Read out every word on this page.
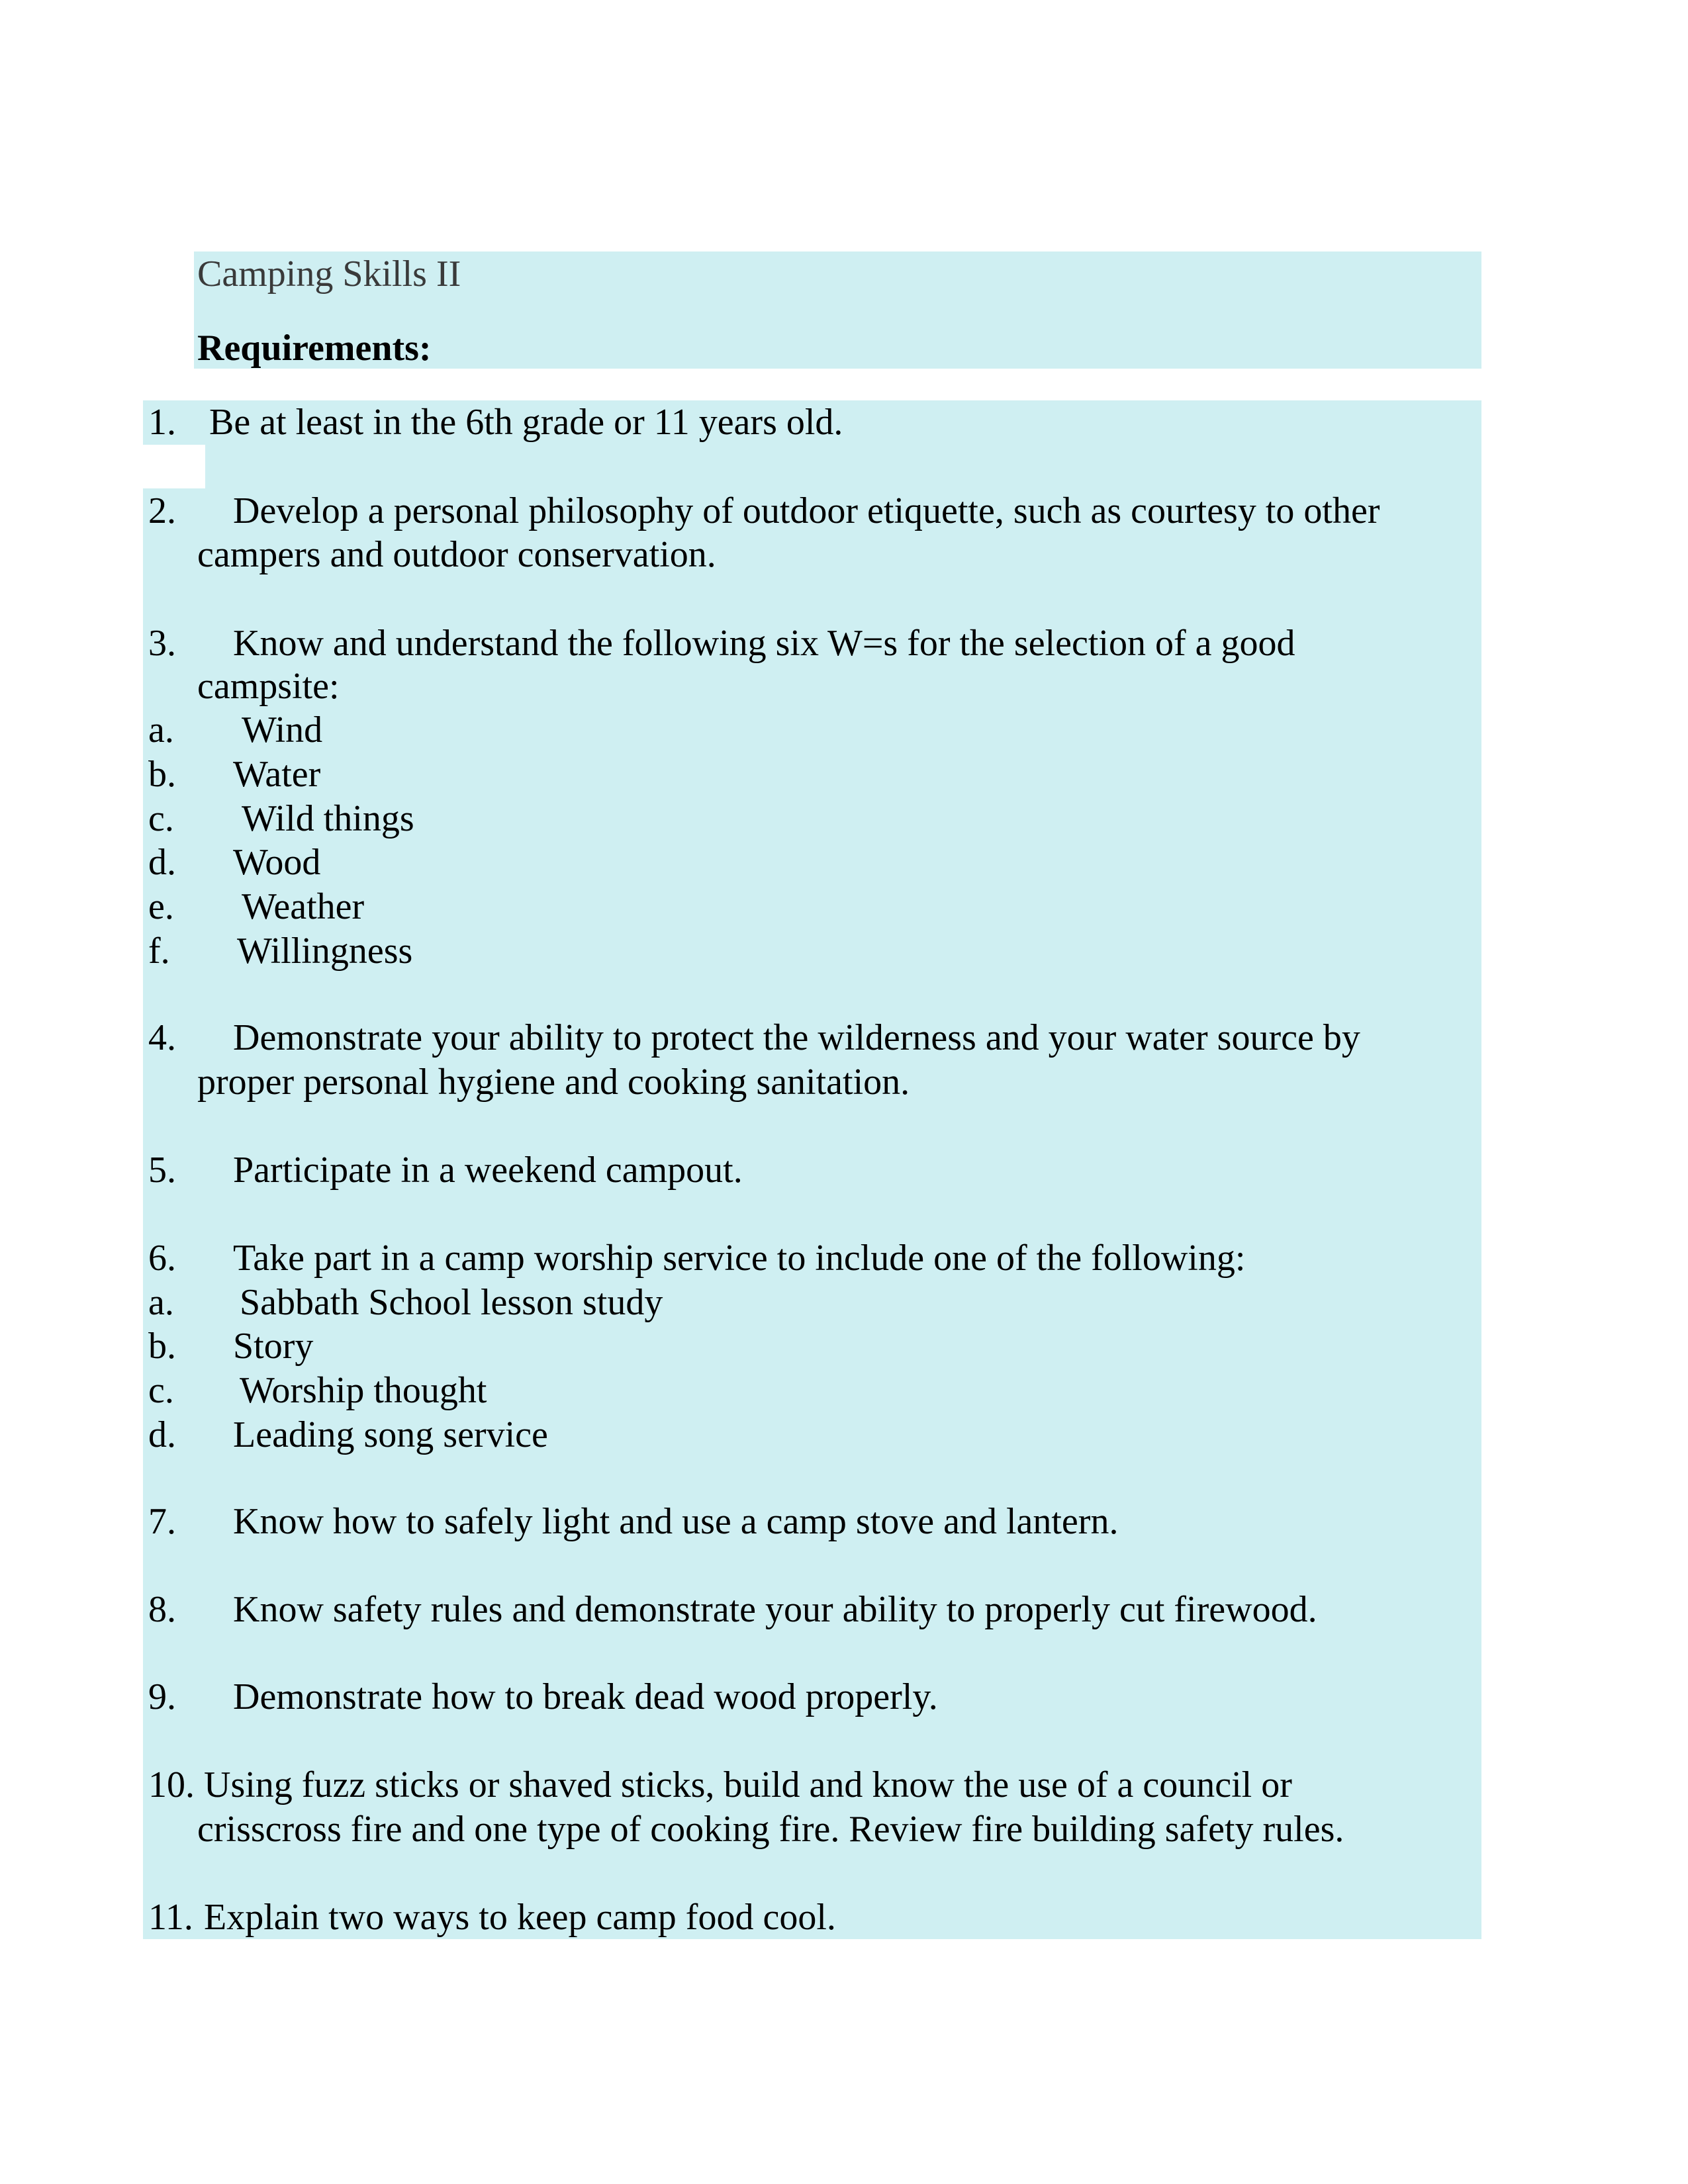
Camping Skills II
Requirements:
1. Be at least in the 6th grade or 11 years old.
2. Develop a personal philosophy of outdoor etiquette, such as courtesy to other
campers and outdoor conservation.
3. Know and understand the following six W=s for the selection of a good
campsite:
a. Wind
b. Water
c. Wild things
d. Wood
e. Weather
f. Willingness
4. Demonstrate your ability to protect the wilderness and your water source by
proper personal hygiene and cooking sanitation.
5. Participate in a weekend campout.
6. Take part in a camp worship service to include one of the following:
a. Sabbath School lesson study
b. Story
c. Worship thought
d. Leading song service
7. Know how to safely light and use a camp stove and lantern.
8. Know safety rules and demonstrate your ability to properly cut firewood.
9. Demonstrate how to break dead wood properly.
10. Using fuzz sticks or shaved sticks, build and know the use of a council or
crisscross fire and one type of cooking fire. Review fire building safety rules.
11. Explain two ways to keep camp food cool.
